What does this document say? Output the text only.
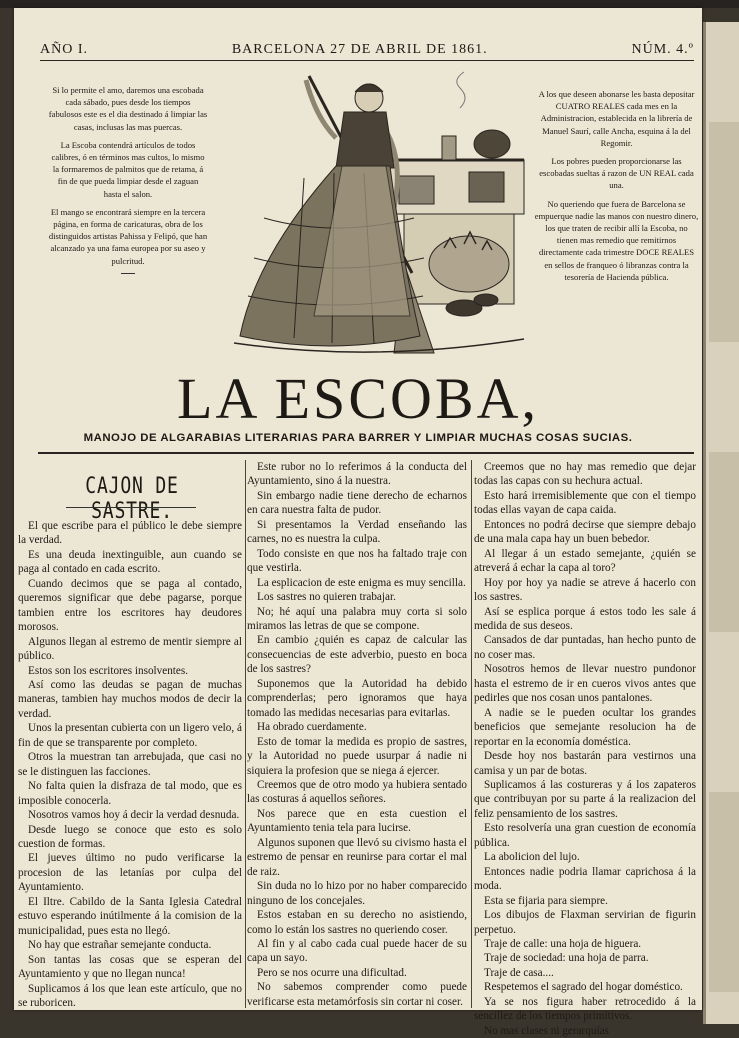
AÑO I.	BARCELONA 27 DE ABRIL DE 1861.	NÚM. 4.º

Si lo permite el amo, daremos una escobada cada sábado, pues desde los tiempos fabulosos este es el dia destinado á limpiar las casas, inclusas las mas puercas.

La Escoba contendrá artículos de todos calibres, ó en términos mas cultos, lo mismo la formaremos de palmitos que de retama, á fin de que pueda limpiar desde el zaguan hasta el salon.

El mango se encontrará siempre en la tercera página, en forma de caricaturas, obra de los distinguidos artistas Pahissa y Felipó, que han alcanzado ya una fama europea por su aseo y pulcritud.

A los que deseen abonarse les basta depositar CUATRO REALES cada mes en la Administracion, establecida en la librería de Manuel Saurí, calle Ancha, esquina á la del Regomir.

Los pobres pueden proporcionarse las escobadas sueltas á razon de UN REAL cada una.

No queriendo que fuera de Barcelona se empuerque nadie las manos con nuestro dinero, los que traten de recibir allí la Escoba, no tienen mas remedio que remitirnos directamente cada trimestre DOCE REALES en sellos de franqueo ó libranzas contra la tesorería de Hacienda pública.

LA ESCOBA,
MANOJO DE ALGARABIAS LITERARIAS PARA BARRER Y LIMPIAR MUCHAS COSAS SUCIAS.
CAJON DE SASTRE.

El que escribe para el público le debe siempre la verdad.

Es una deuda inextinguible, aun cuando se paga al contado en cada escrito.

Cuando decimos que se paga al contado, queremos significar que debe pagarse, porque tambien entre los escritores hay deudores morosos.

Algunos llegan al estremo de mentir siempre al público.

Estos son los escritores insolventes.

Así como las deudas se pagan de muchas maneras, tambien hay muchos modos de decir la verdad.

Unos la presentan cubierta con un ligero velo, á fin de que se transparente por completo.

Otros la muestran tan arrebujada, que casi no se le distinguen las facciones.

No falta quien la disfraza de tal modo, que es imposible conocerla.

Nosotros vamos hoy á decir la verdad desnuda.

Desde luego se conoce que esto es solo cuestion de formas.

El jueves último no pudo verificarse la procesion de las letanías por culpa del Ayuntamiento.

El Iltre. Cabildo de la Santa Iglesia Catedral estuvo esperando inútilmente á la comision de la municipalidad, pues esta no llegó.

No hay que estrañar semejante conducta.

Son tantas las cosas que se esperan del Ayuntamiento y que no llegan nunca!

Suplicamos á los que lean este artículo, que no se ruboricen.

Este rubor no lo referimos á la conducta del Ayuntamiento, sino á la nuestra.

Sin embargo nadie tiene derecho de echarnos en cara nuestra falta de pudor.

Si presentamos la Verdad enseñando las carnes, no es nuestra la culpa.

Todo consiste en que nos ha faltado traje con que vestirla.

La esplicacion de este enigma es muy sencilla.

Los sastres no quieren trabajar.

No; hé aquí una palabra muy corta si solo miramos las letras de que se compone.

En cambio ¿quién es capaz de calcular las consecuencias de este adverbio, puesto en boca de los sastres?

Suponemos que la Autoridad ha debido comprenderlas; pero ignoramos que haya tomado las medidas necesarias para evitarlas.

Ha obrado cuerdamente.

Esto de tomar la medida es propio de sastres, y la Autoridad no puede usurpar á nadie ni siquiera la profesion que se niega á ejercer.

Creemos que de otro modo ya hubiera sentado las costuras á aquellos señores.

Nos parece que en esta cuestion el Ayuntamiento tenia tela para lucirse.

Algunos suponen que llevó su civismo hasta el estremo de pensar en reunirse para cortar el mal de raiz.

Sin duda no lo hizo por no haber comparecido ninguno de los concejales.

Estos estaban en su derecho no asistiendo, como lo están los sastres no queriendo coser.

Al fin y al cabo cada cual puede hacer de su capa un sayo.

Pero se nos ocurre una dificultad.

No sabemos comprender como puede verificarse esta metamórfosis sin cortar ni coser.

Creemos que no hay mas remedio que dejar todas las capas con su hechura actual.

Esto hará irremisiblemente que con el tiempo todas ellas vayan de capa caida.

Entonces no podrá decirse que siempre debajo de una mala capa hay un buen bebedor.

Al llegar á un estado semejante, ¿quién se atreverá á echar la capa al toro?

Hoy por hoy ya nadie se atreve á hacerlo con los sastres.

Así se esplica porque á estos todo les sale á medida de sus deseos.

Cansados de dar puntadas, han hecho punto de no coser mas.

Nosotros hemos de llevar nuestro pundonor hasta el estremo de ir en cueros vivos antes que pedirles que nos cosan unos pantalones.

A nadie se le pueden ocultar los grandes beneficios que semejante resolucion ha de reportar en la economía doméstica.

Desde hoy nos bastarán para vestirnos una camisa y un par de botas.

Suplicamos á las costureras y á los zapateros que contribuyan por su parte á la realizacion del feliz pensamiento de los sastres.

Esto resolvería una gran cuestion de economía pública.

La abolicion del lujo.

Entonces nadie podria llamar caprichosa á la moda.

Esta se fijaria para siempre.

Los dibujos de Flaxman servirian de figurin perpetuo.

Traje de calle: una hoja de higuera.

Traje de sociedad: una hoja de parra.

Traje de casa....

Respetemos el sagrado del hogar doméstico.

Ya se nos figura haber retrocedido á la sencillez de los tiempos primitivos.

No mas clases ni gerarquías
